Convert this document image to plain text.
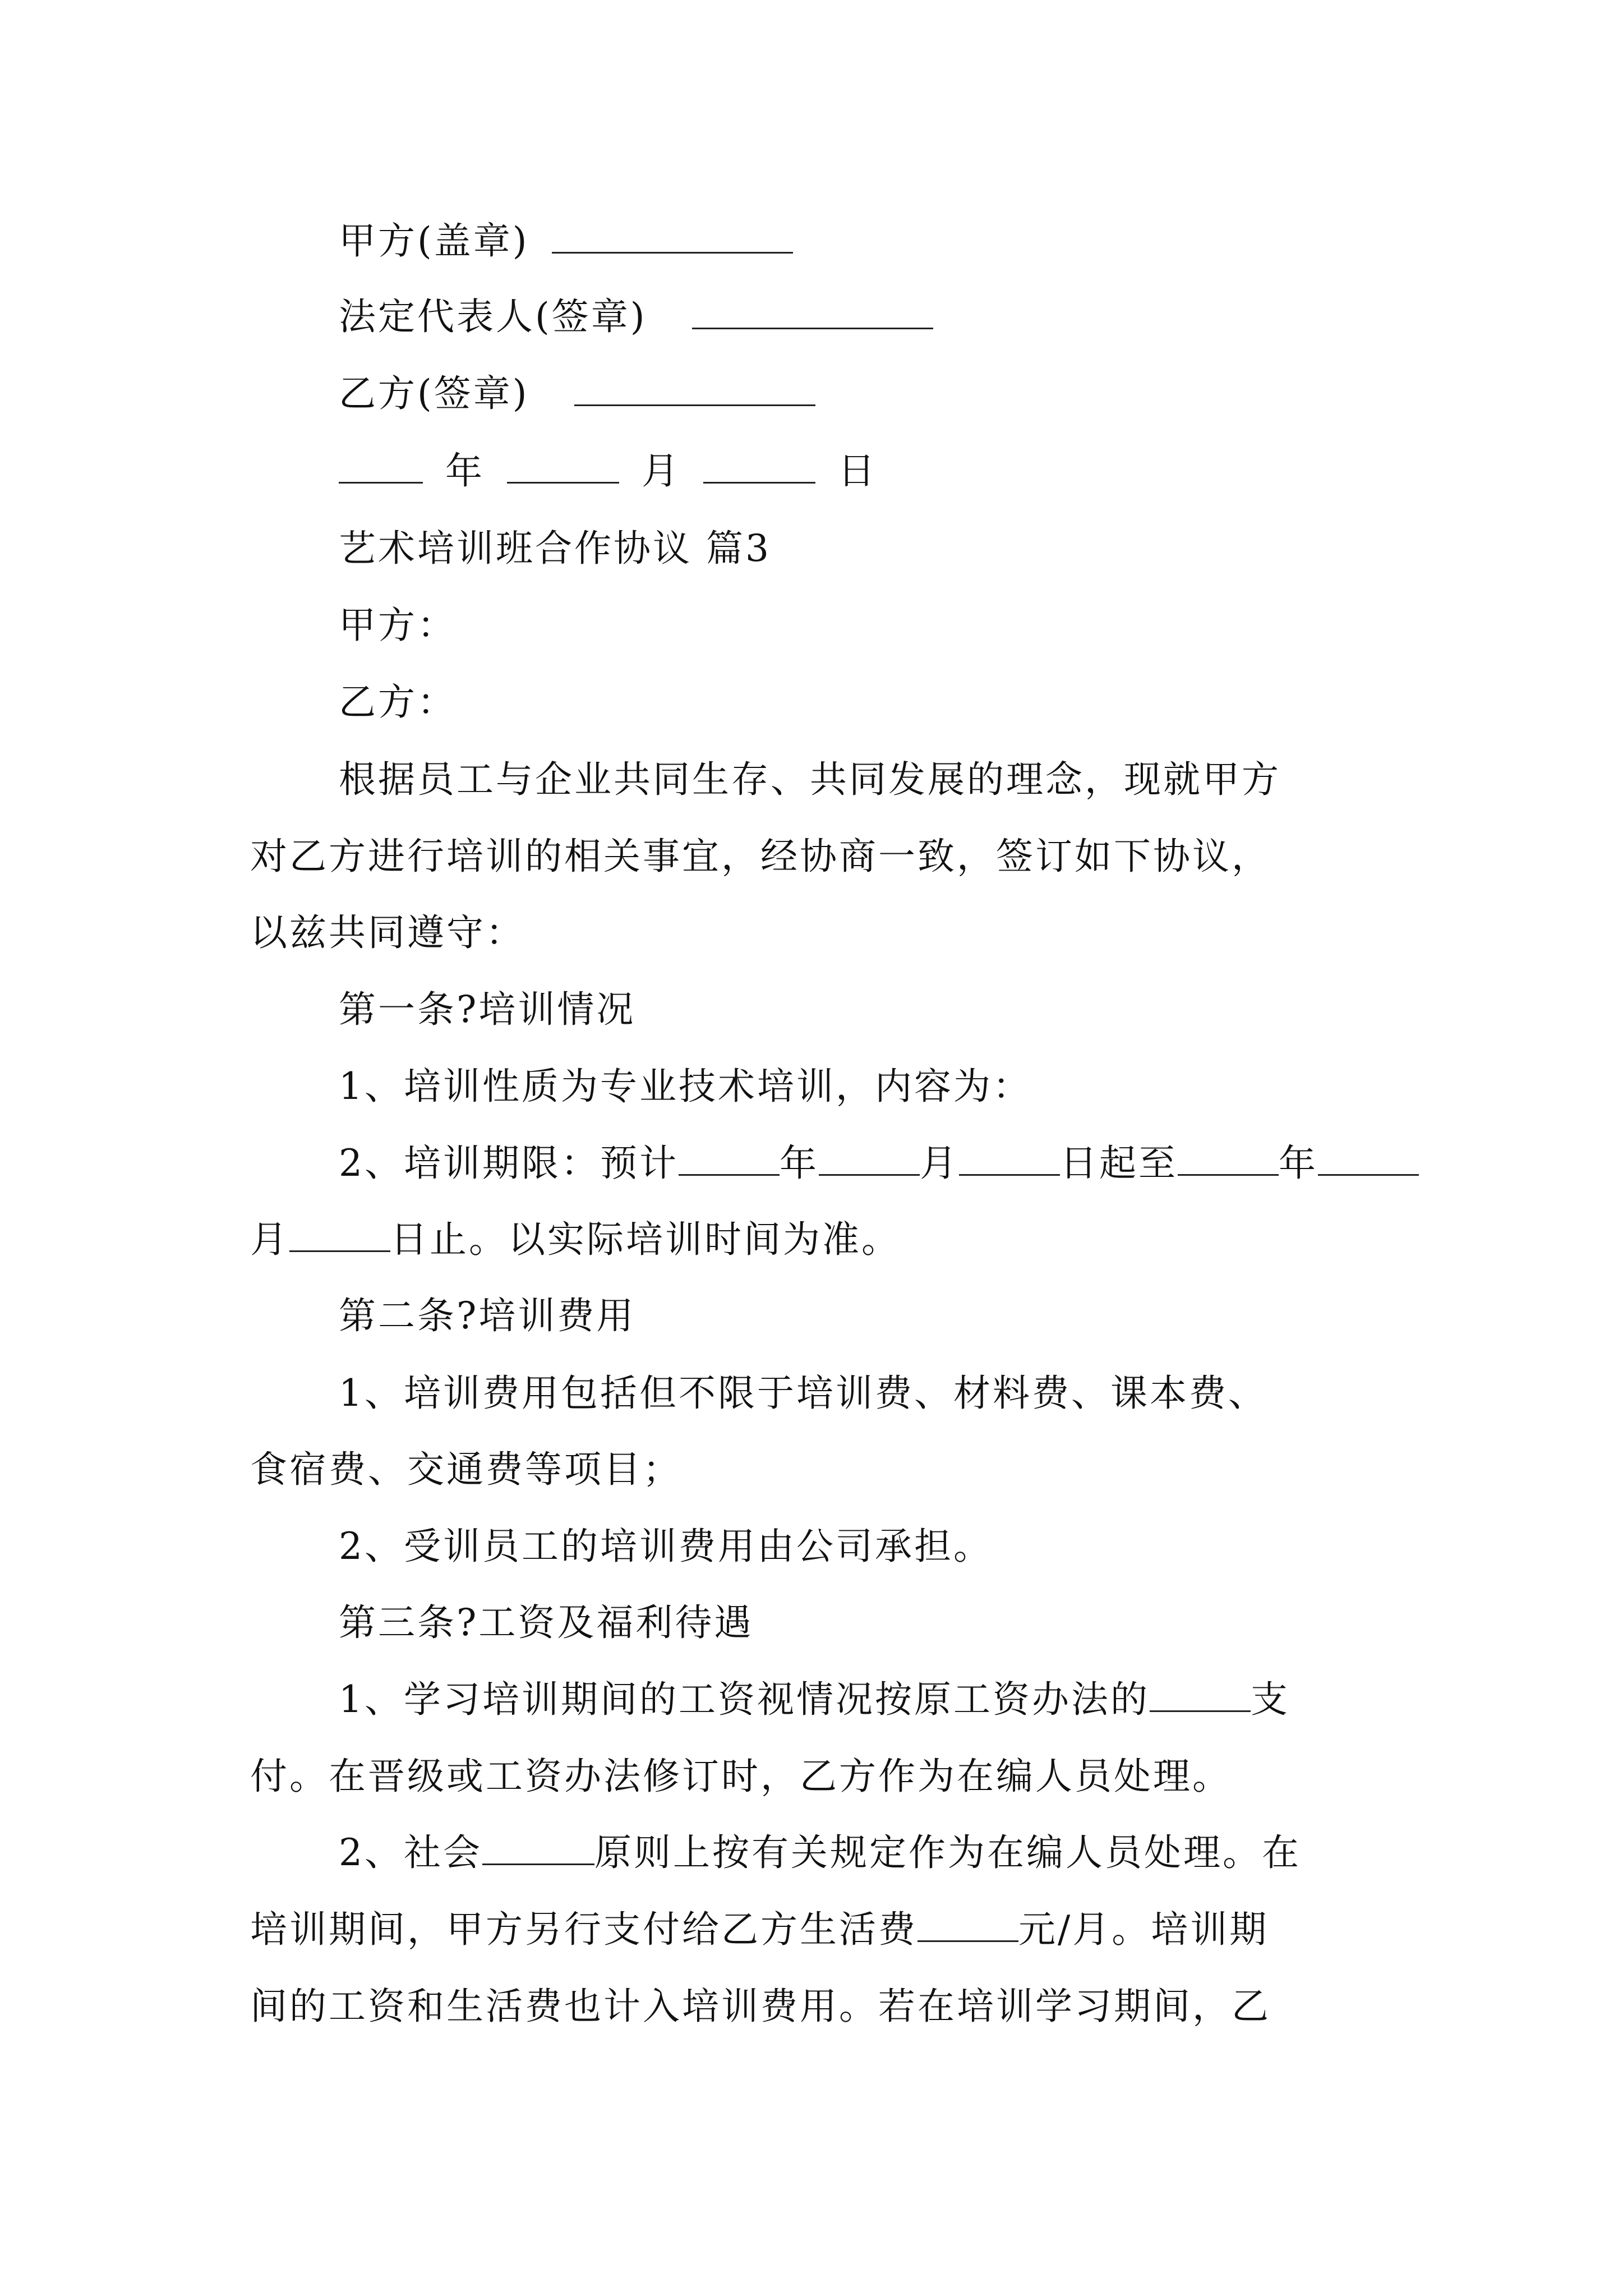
甲方(盖章)
法定代表人(签章)
乙方(签章)
年	月	日
艺术培训班合作协议 篇3
甲方：
乙方：
根据员工与企业共同生存、共同发展的理念，现就甲方
对乙方进行培训的相关事宜，经协商一致，签订如下协议，
以兹共同遵守：
第一条?培训情况
1、培训性质为专业技术培训，内容为：
2、培训期限：预计	年	月	日起至	年
月	日止。以实际培训时间为准。
第二条?培训费用
1、培训费用包括但不限于培训费、材料费、课本费、
食宿费、交通费等项目；
2、受训员工的培训费用由公司承担。
第三条?工资及福利待遇
1、学习培训期间的工资视情况按原工资办法的	支
付。在晋级或工资办法修订时，乙方作为在编人员处理。
2、社会	原则上按有关规定作为在编人员处理。在
培训期间，甲方另行支付给乙方生活费	元/月。培训期
间的工资和生活费也计入培训费用。若在培训学习期间，乙
